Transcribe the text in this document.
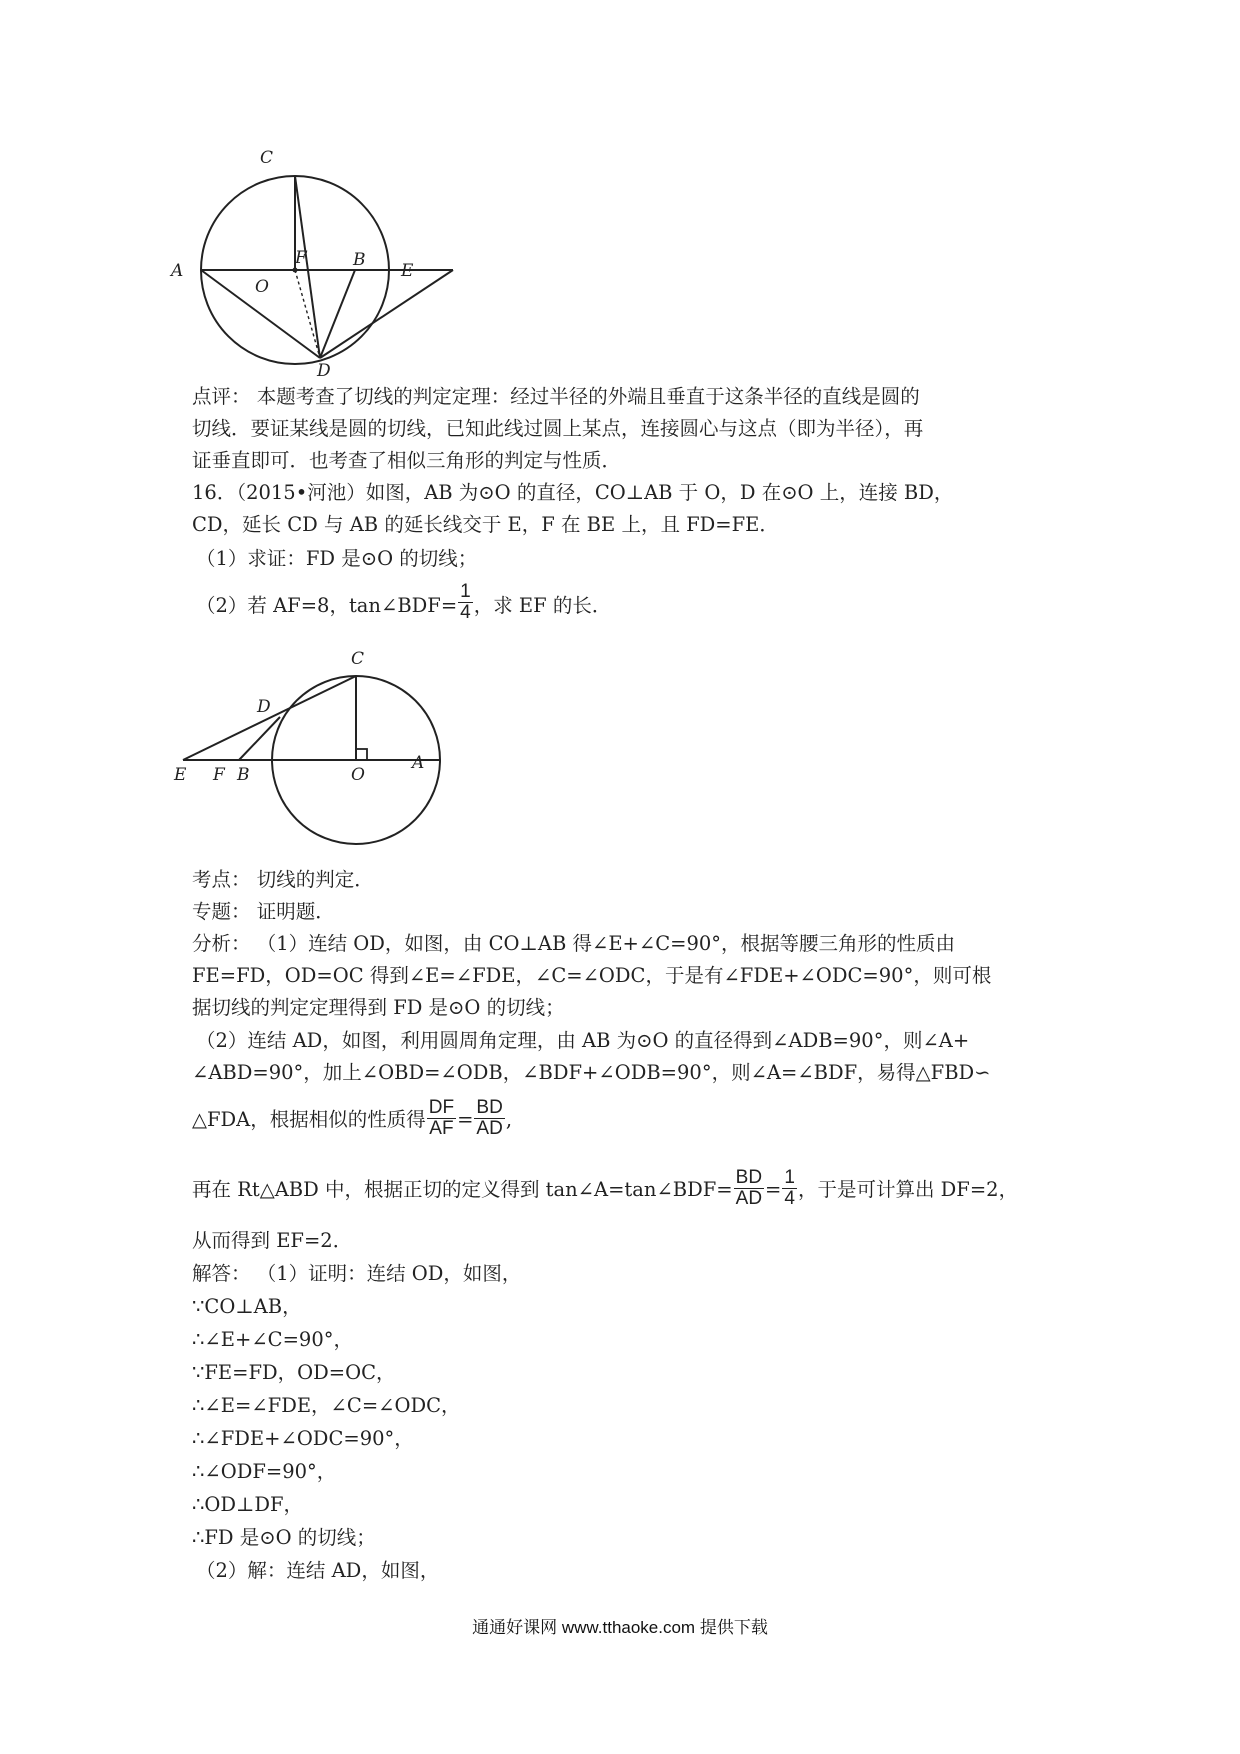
C
A
F	B
E
O
D
点评： 本题考查了切线的判定定理：经过半径的外端且垂直于这条半径的直线是圆的
切线．要证某线是圆的切线，已知此线过圆上某点，连接圆心与这点（即为半径），再
证垂直即可．也考查了相似三角形的判定与性质．
16．（2015•河池）如图，AB 为⊙O 的直径，CO⊥AB 于 O，D 在⊙O 上，连接 BD，
CD，延长 CD 与 AB 的延长线交于 E，F 在 BE 上，且 FD=FE．
（1）求证：FD 是⊙O 的切线；
（2）若 AF=8，tan∠BDF= $\frac{1}{4}$ ，求 EF 的长．
C
D
E F B	O
A
考点： 切线的判定．
专题： 证明题．
分析： （1）连结 OD，如图，由 CO⊥AB 得∠E+∠C=90°，根据等腰三角形的性质由
FE=FD，OD=OC 得到∠E=∠FDE，∠C=∠ODC，于是有∠FDE+∠ODC=90°，则可根
据切线的判定定理得到 FD 是⊙O 的切线；
（2）连结 AD，如图，利用圆周角定理，由 AB 为⊙O 的直径得到∠ADB=90°，则∠A+
∠ABD=90°，加上∠OBD=∠ODB，∠BDF+∠ODB=90°，则∠A=∠BDF，易得△FBD∽
△FDA，根据相似的性质得 $\frac{DF}{AF} = \frac{BD}{AD}$ ,
再在 Rt△ABD 中，根据正切的定义得到 tan∠A=tan∠BDF= $\frac{BD}{AD} = \frac{1}{4}$ ，于是可计算出 DF=2，
从而得到 EF=2．
解答： （1）证明：连结 OD，如图，
∵CO⊥AB，
∴∠E+∠C=90°，
∵FE=FD，OD=OC，
∴∠E=∠FDE，∠C=∠ODC，
∴∠FDE+∠ODC=90°，
∴∠ODF=90°，
∴OD⊥DF，
∴FD 是⊙O 的切线；
（2）解：连结 AD，如图，
通通好课网 www.tthaoke.com 提供下载
